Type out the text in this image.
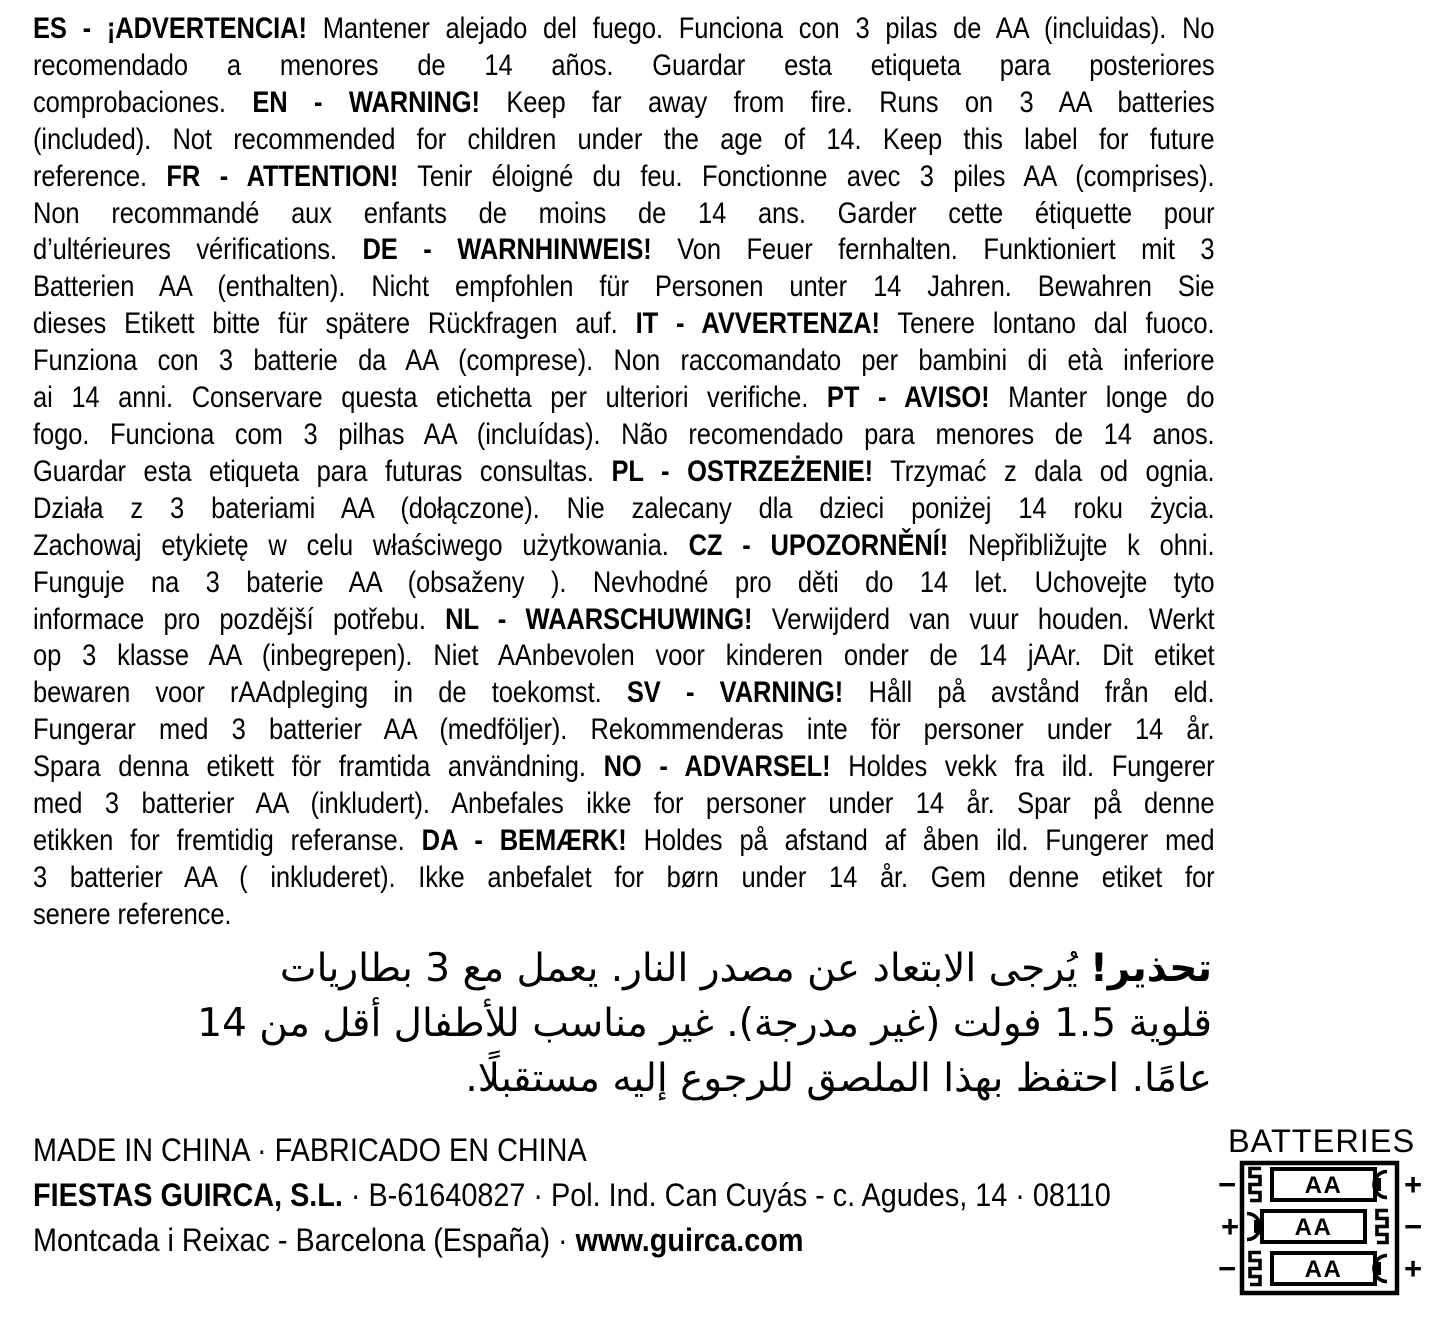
ES - ¡ADVERTENCIA! Mantener alejado del fuego. Funciona con 3 pilas de AA (incluidas). No
recomendado a menores de 14 años. Guardar esta etiqueta para posteriores
comprobaciones. EN - WARNING! Keep far away from fire. Runs on 3 AA batteries
(included). Not recommended for children under the age of 14. Keep this label for future
reference. FR - ATTENTION! Tenir éloigné du feu. Fonctionne avec 3 piles AA (comprises).
Non recommandé aux enfants de moins de 14 ans. Garder cette étiquette pour
d’ultérieures vérifications. DE - WARNHINWEIS! Von Feuer fernhalten. Funktioniert mit 3
Batterien AA (enthalten). Nicht empfohlen für Personen unter 14 Jahren. Bewahren Sie
dieses Etikett bitte für spätere Rückfragen auf. IT - AVVERTENZA! Tenere lontano dal fuoco.
Funziona con 3 batterie da AA (comprese). Non raccomandato per bambini di età inferiore
ai 14 anni. Conservare questa etichetta per ulteriori verifiche. PT - AVISO! Manter longe do
fogo. Funciona com 3 pilhas AA (incluídas). Não recomendado para menores de 14 anos.
Guardar esta etiqueta para futuras consultas. PL - OSTRZEŻENIE! Trzymać z dala od ognia.
Działa z 3 bateriami AA (dołączone). Nie zalecany dla dzieci poniżej 14 roku życia.
Zachowaj etykietę w celu właściwego użytkowania. CZ - UPOZORNĚNÍ! Nepřibližujte k ohni.
Funguje na 3 baterie AA (obsaženy ). Nevhodné pro děti do 14 let. Uchovejte tyto
informace pro pozdější potřebu. NL - WAARSCHUWING! Verwijderd van vuur houden. Werkt
op 3 klasse AA (inbegrepen). Niet AAnbevolen voor kinderen onder de 14 jAAr. Dit etiket
bewaren voor rAAdpleging in de toekomst. SV - VARNING! Håll på avstånd från eld.
Fungerar med 3 batterier AA (medföljer). Rekommenderas inte för personer under 14 år.
Spara denna etikett för framtida användning. NO - ADVARSEL! Holdes vekk fra ild. Fungerer
med 3 batterier AA (inkludert). Anbefales ikke for personer under 14 år. Spar på denne
etikken for fremtidig referanse. DA - BEMÆRK! Holdes på afstand af åben ild. Fungerer med
3 batterier AA ( inkluderet). Ikke anbefalet for børn under 14 år. Gem denne etiket for
senere reference.
تحذير! يُرجى الابتعاد عن مصدر النار. يعمل مع 3 بطاريات
قلوية 1.5 فولت (غير مدرجة). غير مناسب للأطفال أقل من 14
عامًا. احتفظ بهذا الملصق للرجوع إليه مستقبلًا.
MADE IN CHINA · FABRICADO EN CHINA
FIESTAS GUIRCA, S.L. · B-61640827 · Pol. Ind. Can Cuyás - c. Agudes, 14 · 08110
Montcada i Reixac - Barcelona (España) · www.guirca.com
BATTERIES
AA
−	+
AA
+	−
AA
−	+
